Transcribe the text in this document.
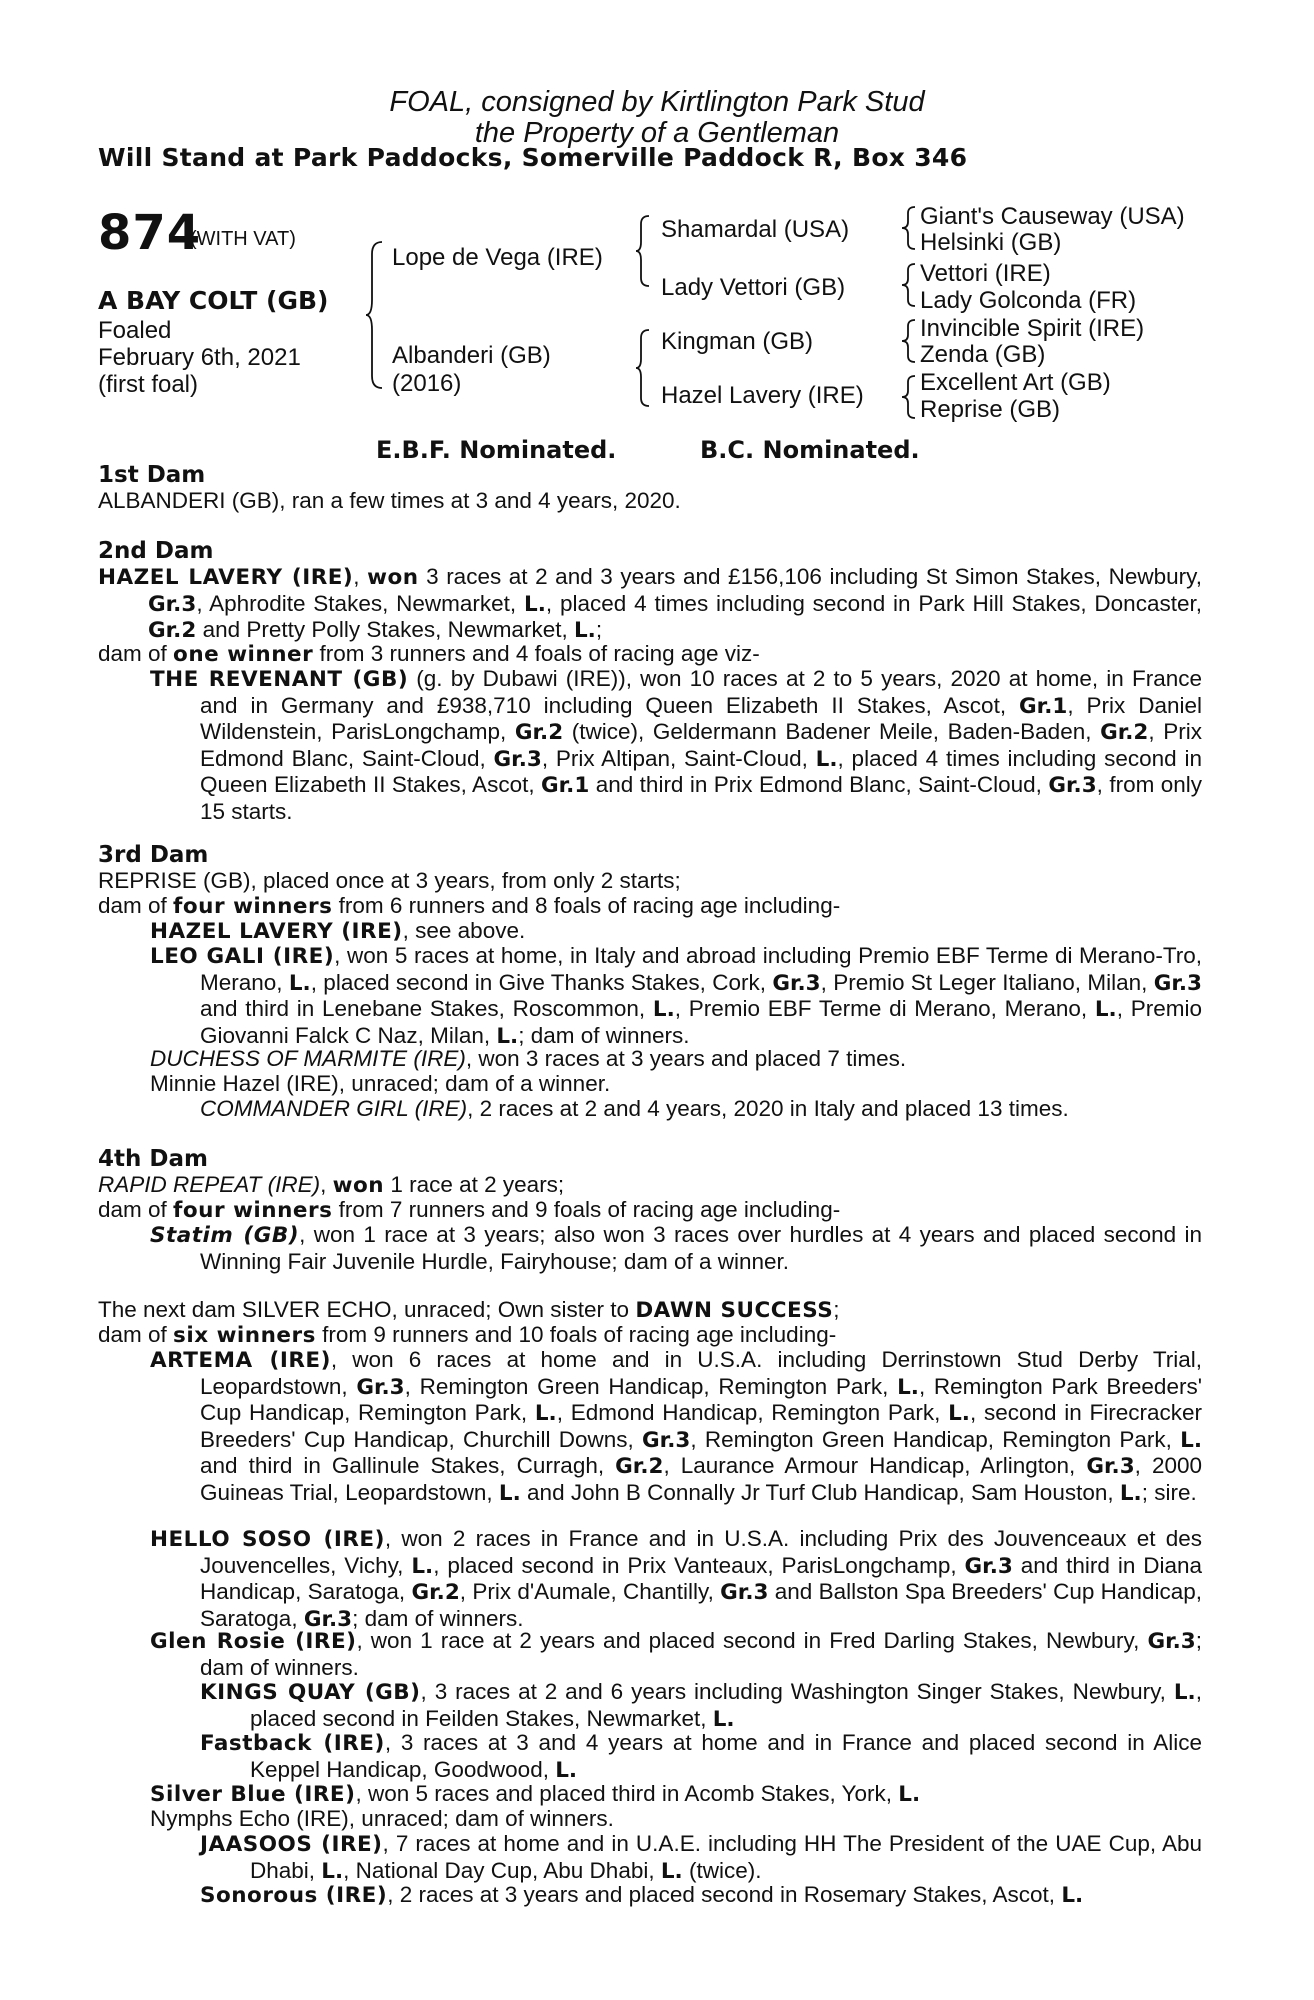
FOAL, consigned by Kirtlington Park Stud
the Property of a Gentleman
Will Stand at Park Paddocks, Somerville Paddock R, Box 346
874
(WITH VAT)
A BAY COLT (GB)
Foaled
February 6th, 2021
(first foal)
Lope de Vega (IRE)
Albanderi (GB)
(2016)
Shamardal (USA)
Lady Vettori (GB)
Kingman (GB)
Hazel Lavery (IRE)
Giant's Causeway (USA)
Helsinki (GB)
Vettori (IRE)
Lady Golconda (FR)
Invincible Spirit (IRE)
Zenda (GB)
Excellent Art (GB)
Reprise (GB)
E.B.F. Nominated.	B.C. Nominated.
1st Dam
ALBANDERI (GB), ran a few times at 3 and 4 years, 2020.
2nd Dam
HAZEL LAVERY (IRE), won 3 races at 2 and 3 years and £156,106 including St Simon Stakes, Newbury, Gr.3, Aphrodite Stakes, Newmarket, L., placed 4 times including second in Park Hill Stakes, Doncaster, Gr.2 and Pretty Polly Stakes, Newmarket, L.;
dam of one winner from 3 runners and 4 foals of racing age viz-
THE REVENANT (GB) (g. by Dubawi (IRE)), won 10 races at 2 to 5 years, 2020 at home, in France and in Germany and £938,710 including Queen Elizabeth II Stakes, Ascot, Gr.1, Prix Daniel Wildenstein, ParisLongchamp, Gr.2 (twice), Geldermann Badener Meile, Baden-Baden, Gr.2, Prix Edmond Blanc, Saint-Cloud, Gr.3, Prix Altipan, Saint-Cloud, L., placed 4 times including second in Queen Elizabeth II Stakes, Ascot, Gr.1 and third in Prix Edmond Blanc, Saint-Cloud, Gr.3, from only 15 starts.
3rd Dam
REPRISE (GB), placed once at 3 years, from only 2 starts;
dam of four winners from 6 runners and 8 foals of racing age including-
HAZEL LAVERY (IRE), see above.
LEO GALI (IRE), won 5 races at home, in Italy and abroad including Premio EBF Terme di Merano-Tro, Merano, L., placed second in Give Thanks Stakes, Cork, Gr.3, Premio St Leger Italiano, Milan, Gr.3 and third in Lenebane Stakes, Roscommon, L., Premio EBF Terme di Merano, Merano, L., Premio Giovanni Falck C Naz, Milan, L.; dam of winners.
DUCHESS OF MARMITE (IRE), won 3 races at 3 years and placed 7 times.
Minnie Hazel (IRE), unraced; dam of a winner.
COMMANDER GIRL (IRE), 2 races at 2 and 4 years, 2020 in Italy and placed 13 times.
4th Dam
RAPID REPEAT (IRE), won 1 race at 2 years;
dam of four winners from 7 runners and 9 foals of racing age including-
Statim (GB), won 1 race at 3 years; also won 3 races over hurdles at 4 years and placed second in Winning Fair Juvenile Hurdle, Fairyhouse; dam of a winner.
The next dam SILVER ECHO, unraced; Own sister to DAWN SUCCESS;
dam of six winners from 9 runners and 10 foals of racing age including-
ARTEMA (IRE), won 6 races at home and in U.S.A. including Derrinstown Stud Derby Trial, Leopardstown, Gr.3, Remington Green Handicap, Remington Park, L., Remington Park Breeders' Cup Handicap, Remington Park, L., Edmond Handicap, Remington Park, L., second in Firecracker Breeders' Cup Handicap, Churchill Downs, Gr.3, Remington Green Handicap, Remington Park, L. and third in Gallinule Stakes, Curragh, Gr.2, Laurance Armour Handicap, Arlington, Gr.3, 2000 Guineas Trial, Leopardstown, L. and John B Connally Jr Turf Club Handicap, Sam Houston, L.; sire.
HELLO SOSO (IRE), won 2 races in France and in U.S.A. including Prix des Jouvenceaux et des Jouvencelles, Vichy, L., placed second in Prix Vanteaux, ParisLongchamp, Gr.3 and third in Diana Handicap, Saratoga, Gr.2, Prix d'Aumale, Chantilly, Gr.3 and Ballston Spa Breeders' Cup Handicap, Saratoga, Gr.3; dam of winners.
Glen Rosie (IRE), won 1 race at 2 years and placed second in Fred Darling Stakes, Newbury, Gr.3; dam of winners.
KINGS QUAY (GB), 3 races at 2 and 6 years including Washington Singer Stakes, Newbury, L., placed second in Feilden Stakes, Newmarket, L.
Fastback (IRE), 3 races at 3 and 4 years at home and in France and placed second in Alice Keppel Handicap, Goodwood, L.
Silver Blue (IRE), won 5 races and placed third in Acomb Stakes, York, L.
Nymphs Echo (IRE), unraced; dam of winners.
JAASOOS (IRE), 7 races at home and in U.A.E. including HH The President of the UAE Cup, Abu Dhabi, L., National Day Cup, Abu Dhabi, L. (twice).
Sonorous (IRE), 2 races at 3 years and placed second in Rosemary Stakes, Ascot, L.
